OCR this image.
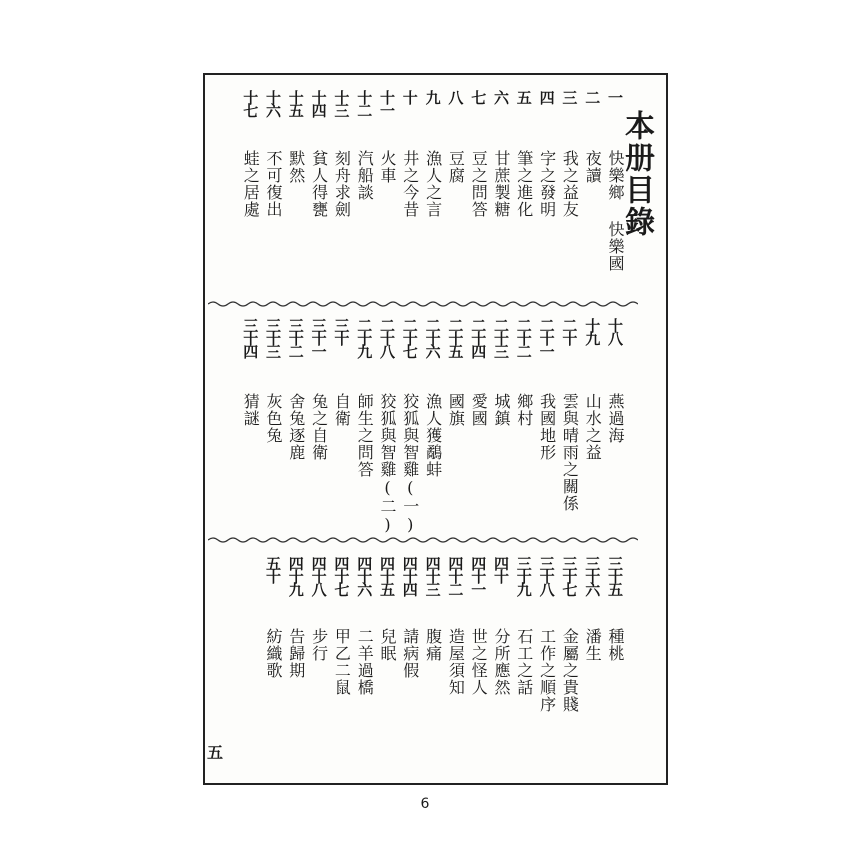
本册目錄
一
快樂鄉 快樂國
二
夜讀
三
我之益友
四
字之發明
五
筆之進化
六
甘蔗製糖
七
豆之問答
八
豆腐
九
漁人之言
十
井之今昔
十一
火車
十二
汽船談
十三
刻舟求劍
十四
貧人得甕
十五
默然
十六
不可復出
十七
蛙之居處
十八
燕過海
十九
山水之益
二十
雲與晴雨之關係
二十一
我國地形
二十二
鄉村
二十三
城鎮
二十四
愛國
二十五
國旗
二十六
漁人獲鷸蚌
二十七
狡狐與智雞(一)
二十八
狡狐與智雞(二)
二十九
師生之問答
三十
自衛
三十一
兔之自衛
三十二
舍兔逐鹿
三十三
灰色兔
三十四
猜謎
三十五
種桃
三十六
潘生
三十七
金屬之貴賤
三十八
工作之順序
三十九
石工之話
四十
分所應然
四十一
世之怪人
四十二
造屋須知
四十三
腹痛
四十四
請病假
四十五
兒眠
四十六
二羊過橋
四十七
甲乙二鼠
四十八
步行
四十九
告歸期
五十
紡織歌
五
6
